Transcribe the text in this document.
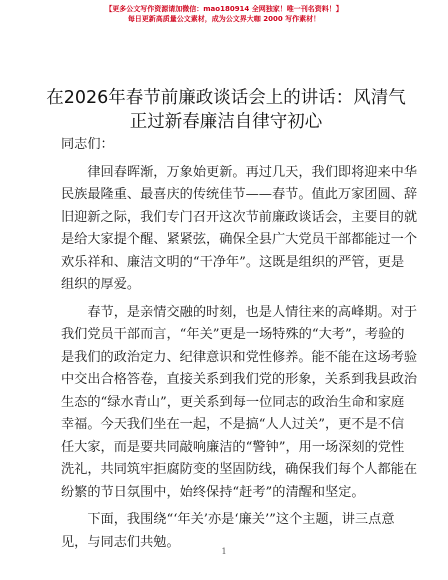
【更多公文写作资源请加微信：mao180914 全网独家！唯一刊名资料！】
每日更新高质量公文素材，成为公文界大咖 2000 写作素材！
在2026年春节前廉政谈话会上的讲话：风清气
正过新春廉洁自律守初心

同志们：

　　律回春晖渐，万象始更新。再过几天，我们即将迎来中华
民族最隆重、最喜庆的传统佳节——春节。值此万家团圆、辞
旧迎新之际，我们专门召开这次节前廉政谈话会，主要目的就
是给大家提个醒、紧紧弦，确保全县广大党员干部都能过一个
欢乐祥和、廉洁文明的“干净年”。这既是组织的严管，更是
组织的厚爱。

　　春节，是亲情交融的时刻，也是人情往来的高峰期。对于
我们党员干部而言，“年关”更是一场特殊的“大考”，考验的
是我们的政治定力、纪律意识和党性修养。能不能在这场考验
中交出合格答卷，直接关系到我们党的形象，关系到我县政治
生态的“绿水青山”，更关系到每一位同志的政治生命和家庭
幸福。今天我们坐在一起，不是搞“人人过关”，更不是不信
任大家，而是要共同敲响廉洁的“警钟”，用一场深刻的党性
洗礼，共同筑牢拒腐防变的坚固防线，确保我们每个人都能在
纷繁的节日氛围中，始终保持“赶考”的清醒和坚定。

　　下面，我围绕“‘年关’亦是‘廉关’”这个主题，讲三点意
见，与同志们共勉。

1
